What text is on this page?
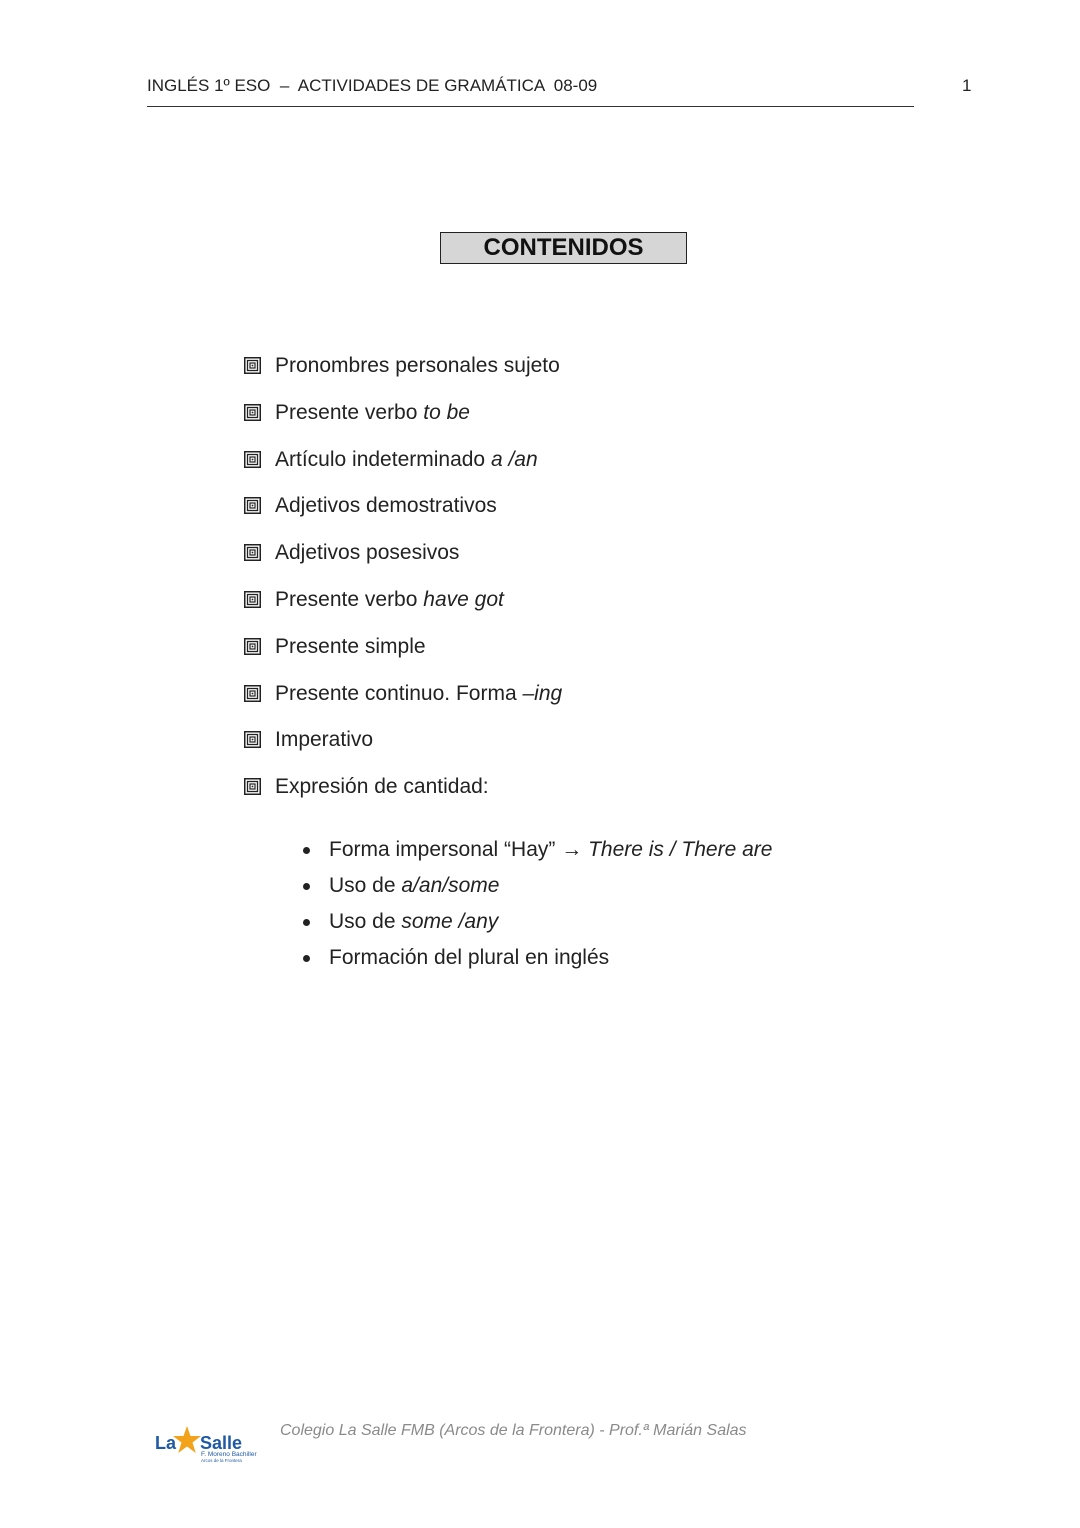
INGLÉS 1º ESO  –  ACTIVIDADES DE GRAMÁTICA  08-09	1
CONTENIDOS
Pronombres personales sujeto
Presente verbo to be
Artículo indeterminado a /an
Adjetivos demostrativos
Adjetivos posesivos
Presente verbo have got
Presente simple
Presente continuo. Forma –ing
Imperativo
Expresión de cantidad:
Forma impersonal “Hay” → There is / There are
Uso de a/an/some
Uso de some /any
Formación del plural en inglés
La Salle
F. Moreno Bachiller
Arcos de la Frontera
Colegio La Salle FMB (Arcos de la Frontera) - Prof.ª Marián Salas
